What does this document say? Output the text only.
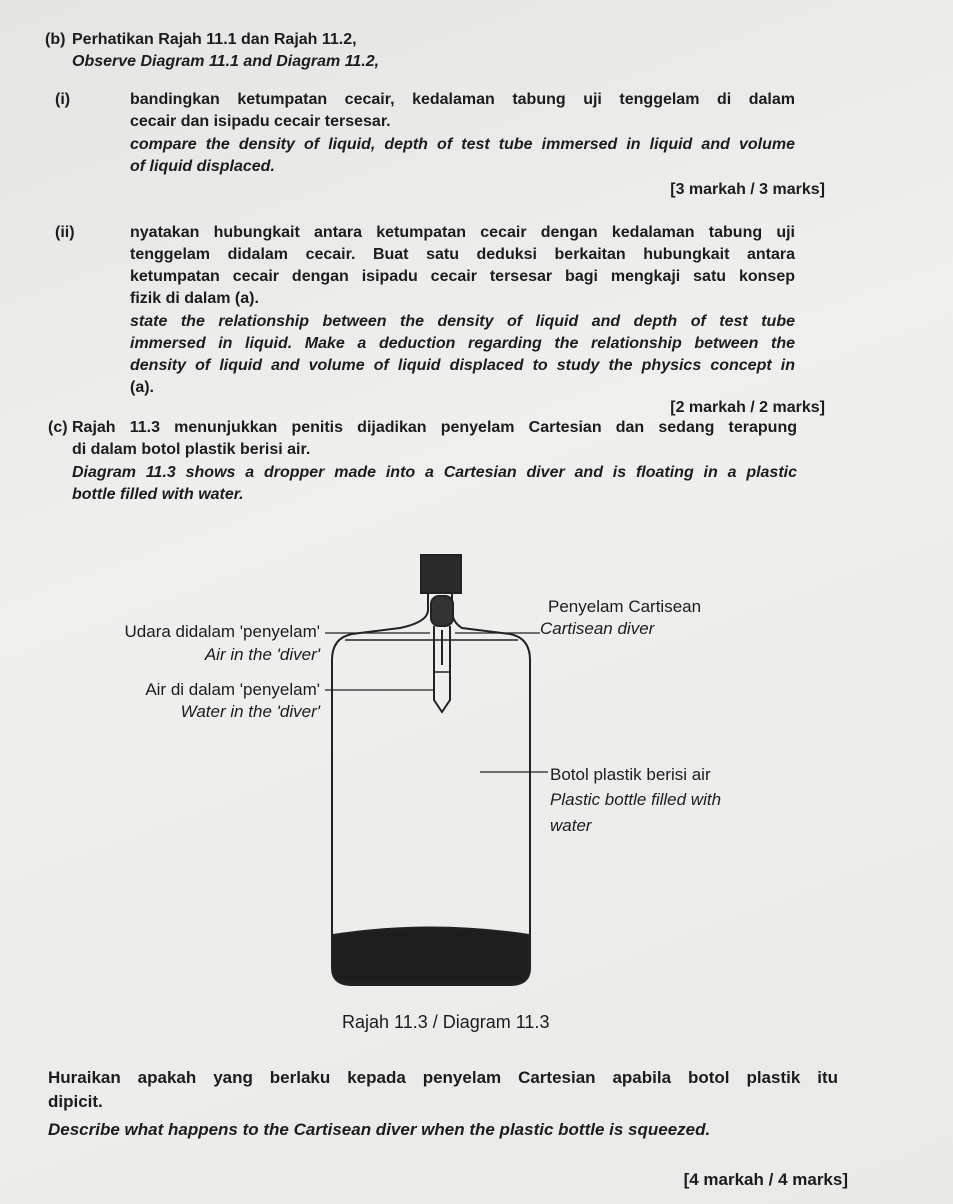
(b) Perhatikan Rajah 11.1 dan Rajah 11.2,
Observe Diagram 11.1 and Diagram 11.2,
(i)	bandingkan ketumpatan cecair, kedalaman tabung uji tenggelam di dalam
cecair dan isipadu cecair tersesar.
compare the density of liquid, depth of test tube immersed in liquid and volume
of liquid displaced.
[3 markah / 3 marks]
(ii)	nyatakan hubungkait antara ketumpatan cecair dengan kedalaman tabung uji
tenggelam didalam cecair. Buat satu deduksi berkaitan hubungkait antara
ketumpatan cecair dengan isipadu cecair tersesar bagi mengkaji satu konsep
fizik di dalam (a).
state the relationship between the density of liquid and depth of test tube
immersed in liquid. Make a deduction regarding the relationship between the
density of liquid and volume of liquid displaced to study the physics concept in
(a).
[2 markah / 2 marks]
(c) Rajah 11.3 menunjukkan penitis dijadikan penyelam Cartesian dan sedang terapung
di dalam botol plastik berisi air.
Diagram 11.3 shows a dropper made into a Cartesian diver and is floating in a plastic
bottle filled with water.
Udara didalam 'penyelam'
Air in the 'diver'
Air di dalam 'penyelam'
Water in the 'diver'
Penyelam Cartisean
Cartisean diver
Botol plastik berisi air
Plastic bottle filled with
water
Rajah 11.3 / Diagram 11.3
Huraikan apakah yang berlaku kepada penyelam Cartesian apabila botol plastik itu
dipicit.
Describe what happens to the Cartisean diver when the plastic bottle is squeezed.
[4 markah / 4 marks]
